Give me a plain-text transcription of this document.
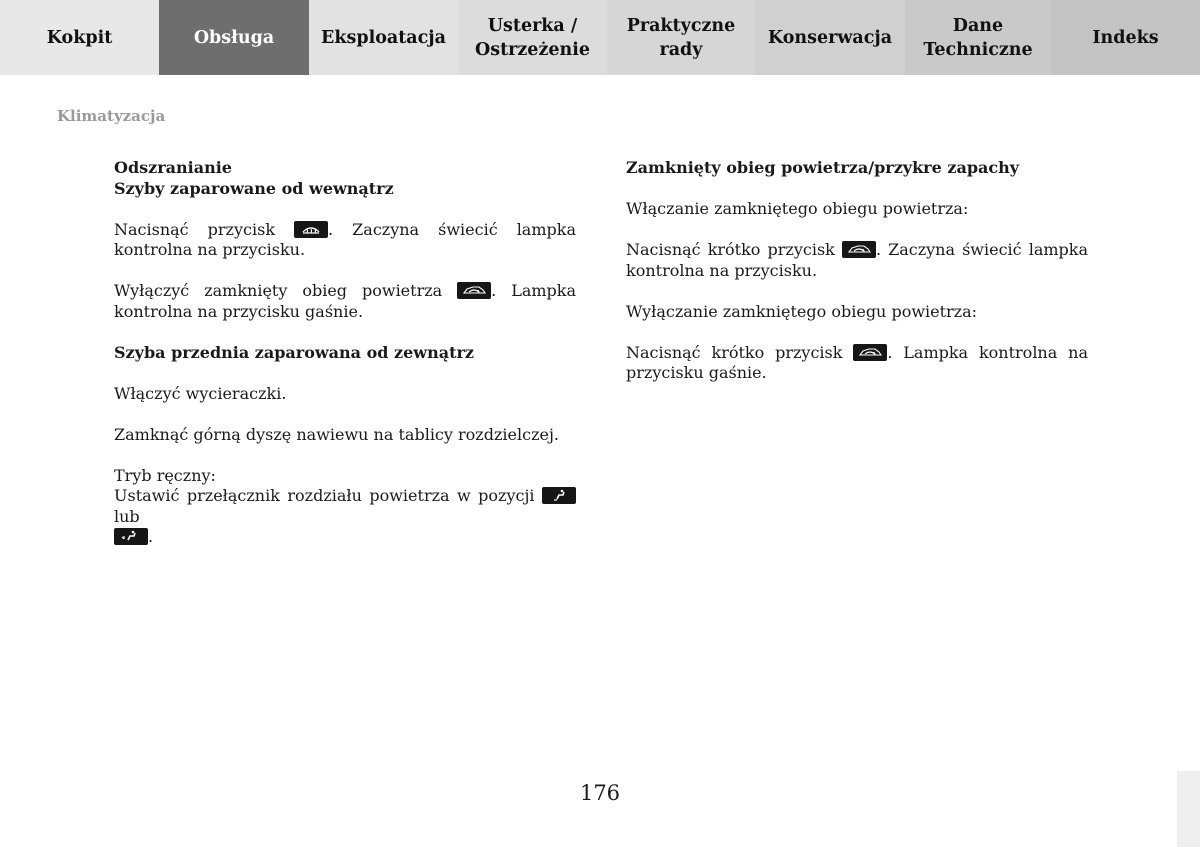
Kokpit	Obsługa	Eksploatacja
Usterka /
Ostrzeżenie
Praktyczne
rady
Konserwacja
Dane
Techniczne
Indeks
Klimatyzacja

Odszranianie
Szyby zaparowane od wewnątrz

Nacisnąć przycisk
. Zaczyna świecić lampka kontrolna na przycisku.

Wyłączyć zamknięty obieg powietrza
. Lampka kontrolna na przycisku gaśnie.

Szyba przednia zaparowana od zewnątrz

Włączyć wycieraczki.

Zamknąć górną dyszę nawiewu na tablicy rozdzielczej.

Tryb ręczny:

Ustawić przełącznik rozdziału powietrza w pozycji
lub

.

Zamknięty obieg powietrza/przykre zapachy

Włączanie zamkniętego obiegu powietrza:

Nacisnąć krótko przycisk
. Zaczyna świecić lampka kontrolna na przycisku.

Wyłączanie zamkniętego obiegu powietrza:

Nacisnąć krótko przycisk
. Lampka kontrolna na przycisku gaśnie.

176
